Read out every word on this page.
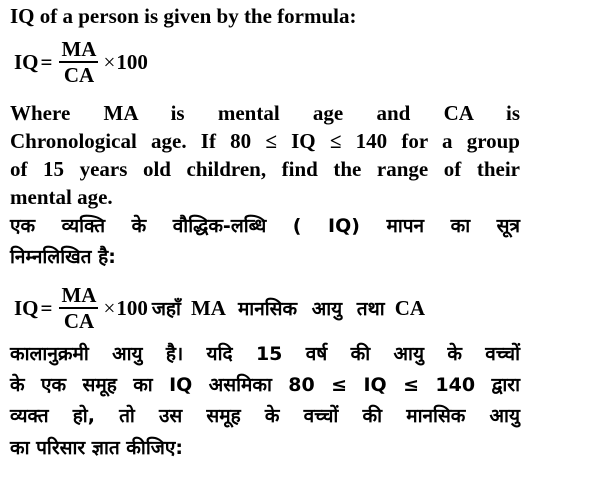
IQ of a person is given by the formula:
IQ = $\frac{MA}{CA} \times 100$
Where MA is mental age and CA is
Chronological age. If 80 ≤ IQ ≤ 140 for a group
of 15 years old children, find the range of their
mental age.
एक व्यक्ति के वौद्धिक-लब्धि ( IQ) मापन का सूत्र
निम्नलिखित है:
IQ = $\frac{MA}{CA} \times 100$ जहाँ MA मानसिक आयु तथा CA
कालानुक्रमी आयु है। यदि 15 वर्ष की आयु के वच्चों
के एक समूह का IQ असमिका 80 ≤ IQ ≤ 140 द्वारा
व्यक्त हो, तो उस समूह के वच्चों की मानसिक आयु
का परिसार ज्ञात कीजिए:
